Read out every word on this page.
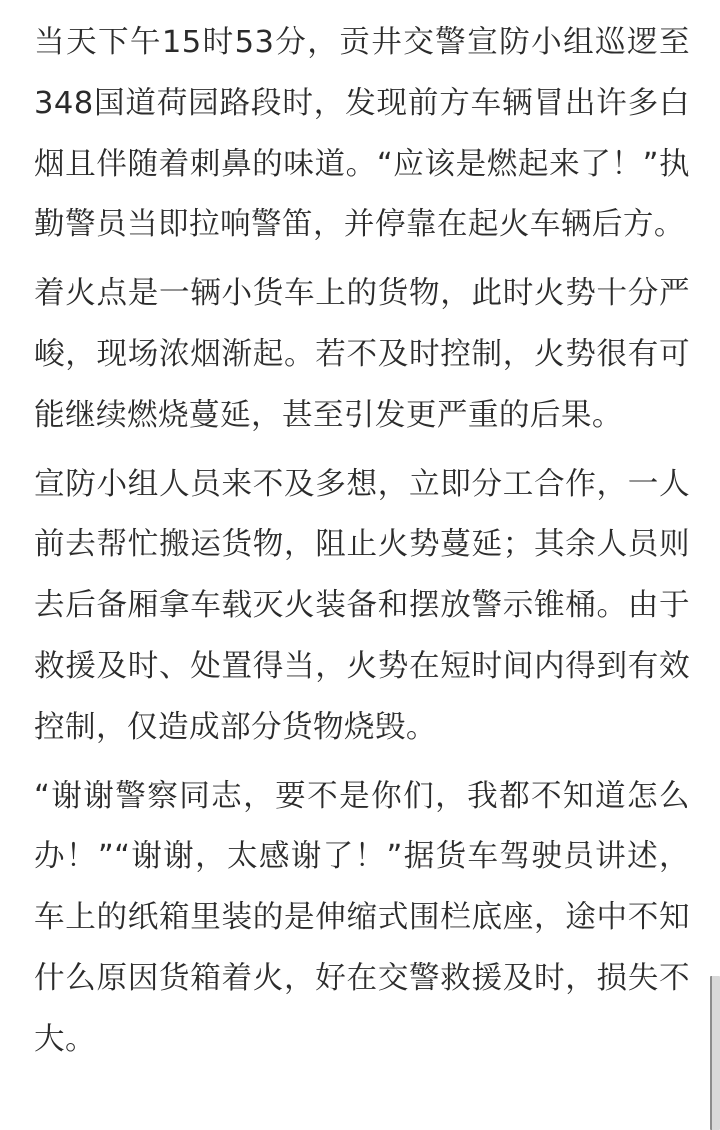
当天下午15时53分，贡井交警宣防小组巡逻至348国道荷园路段时，发现前方车辆冒出许多白烟且伴随着刺鼻的味道。“应该是燃起来了！”执勤警员当即拉响警笛，并停靠在起火车辆后方。

着火点是一辆小货车上的货物，此时火势十分严峻，现场浓烟渐起。若不及时控制，火势很有可能继续燃烧蔓延，甚至引发更严重的后果。

宣防小组人员来不及多想，立即分工合作，一人前去帮忙搬运货物，阻止火势蔓延；其余人员则去后备厢拿车载灭火装备和摆放警示锥桶。由于救援及时、处置得当，火势在短时间内得到有效控制，仅造成部分货物烧毁。

“谢谢警察同志，要不是你们，我都不知道怎么办！”“谢谢，太感谢了！”据货车驾驶员讲述，车上的纸箱里装的是伸缩式围栏底座，途中不知什么原因货箱着火，好在交警救援及时，损失不大。
